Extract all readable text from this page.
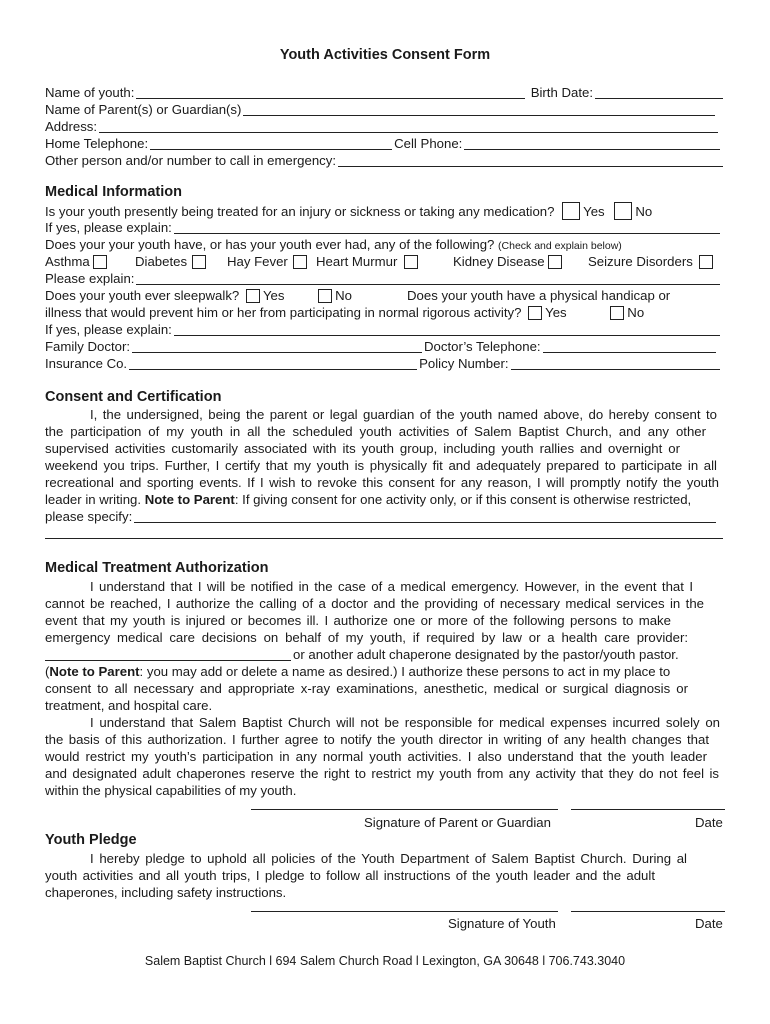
Youth Activities Consent Form
Name of youth:	Birth Date:
Name of Parent(s) or Guardian(s)
Address:
Home Telephone:	Cell Phone:
Other person and/or number to call in emergency:
Medical Information
Is your youth presently being treated for an injury or sickness or taking any medication? Yes No
If yes, please explain:
Does your your youth have, or has your youth ever had, any of the following? (Check and explain below)
Asthma	Diabetes	Hay Fever	Heart Murmur	Kidney Disease	Seizure Disorders
Please explain:
Does your youth ever sleepwalk? Yes	No	Does your youth have a physical handicap or
illness that would prevent him or her from participating in normal rigorous activity? Yes	No
If yes, please explain:
Family Doctor:	Doctor’s Telephone:
Insurance Co.	Policy Number:
Consent and Certification
I, the undersigned, being the parent or legal guardian of the youth named above, do hereby consent to
the participation of my youth in all the scheduled youth activities of Salem Baptist Church, and any other
supervised activities customarily associated with its youth group, including youth rallies and overnight or
weekend you trips. Further, I certify that my youth is physically fit and adequately prepared to participate in all
recreational and sporting events. If I wish to revoke this consent for any reason, I will promptly notify the youth
leader in writing. Note to Parent: If giving consent for one activity only, or if this consent is otherwise restricted,
please specify:
Medical Treatment Authorization
I understand that I will be notified in the case of a medical emergency. However, in the event that I
cannot be reached, I authorize the calling of a doctor and the providing of necessary medical services in the
event that my youth is injured or becomes ill. I authorize one or more of the following persons to make
emergency medical care decisions on behalf of my youth, if required by law or a health care provider:
or another adult chaperone designated by the pastor/youth pastor.
(Note to Parent: you may add or delete a name as desired.) I authorize these persons to act in my place to
consent to all necessary and appropriate x-ray examinations, anesthetic, medical or surgical diagnosis or
treatment, and hospital care.
I understand that Salem Baptist Church will not be responsible for medical expenses incurred solely on
the basis of this authorization. I further agree to notify the youth director in writing of any health changes that
would restrict my youth’s participation in any normal youth activities. I also understand that the youth leader
and designated adult chaperones reserve the right to restrict my youth from any activity that they do not feel is
within the physical capabilities of my youth.
Signature of Parent or Guardian	Date
Youth Pledge
I hereby pledge to uphold all policies of the Youth Department of Salem Baptist Church. During al
youth activities and all youth trips, I pledge to follow all instructions of the youth leader and the adult
chaperones, including safety instructions.
Signature of Youth	Date
Salem Baptist Church l 694 Salem Church Road l Lexington, GA 30648 l 706.743.3040
